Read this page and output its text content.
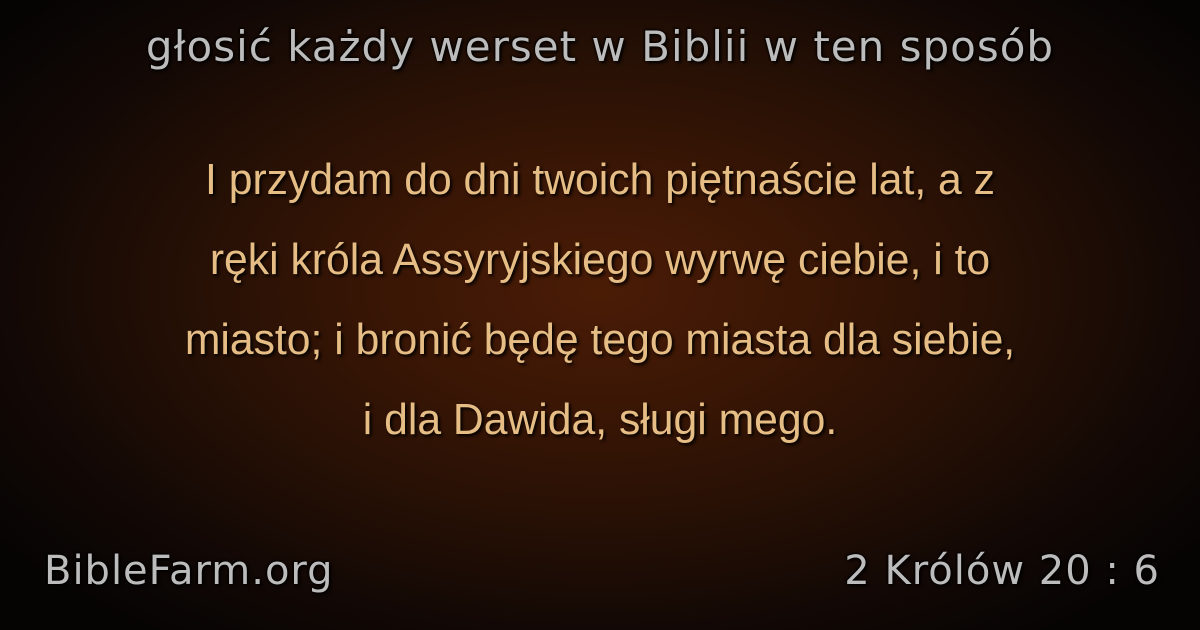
głosić każdy werset w Biblii w ten sposób
I przydam do dni twoich piętnaście lat, a z
ręki króla Assyryjskiego wyrwę ciebie, i to
miasto; i bronić będę tego miasta dla siebie,
i dla Dawida, sługi mego.
BibleFarm.org	2 Królów 20 : 6
